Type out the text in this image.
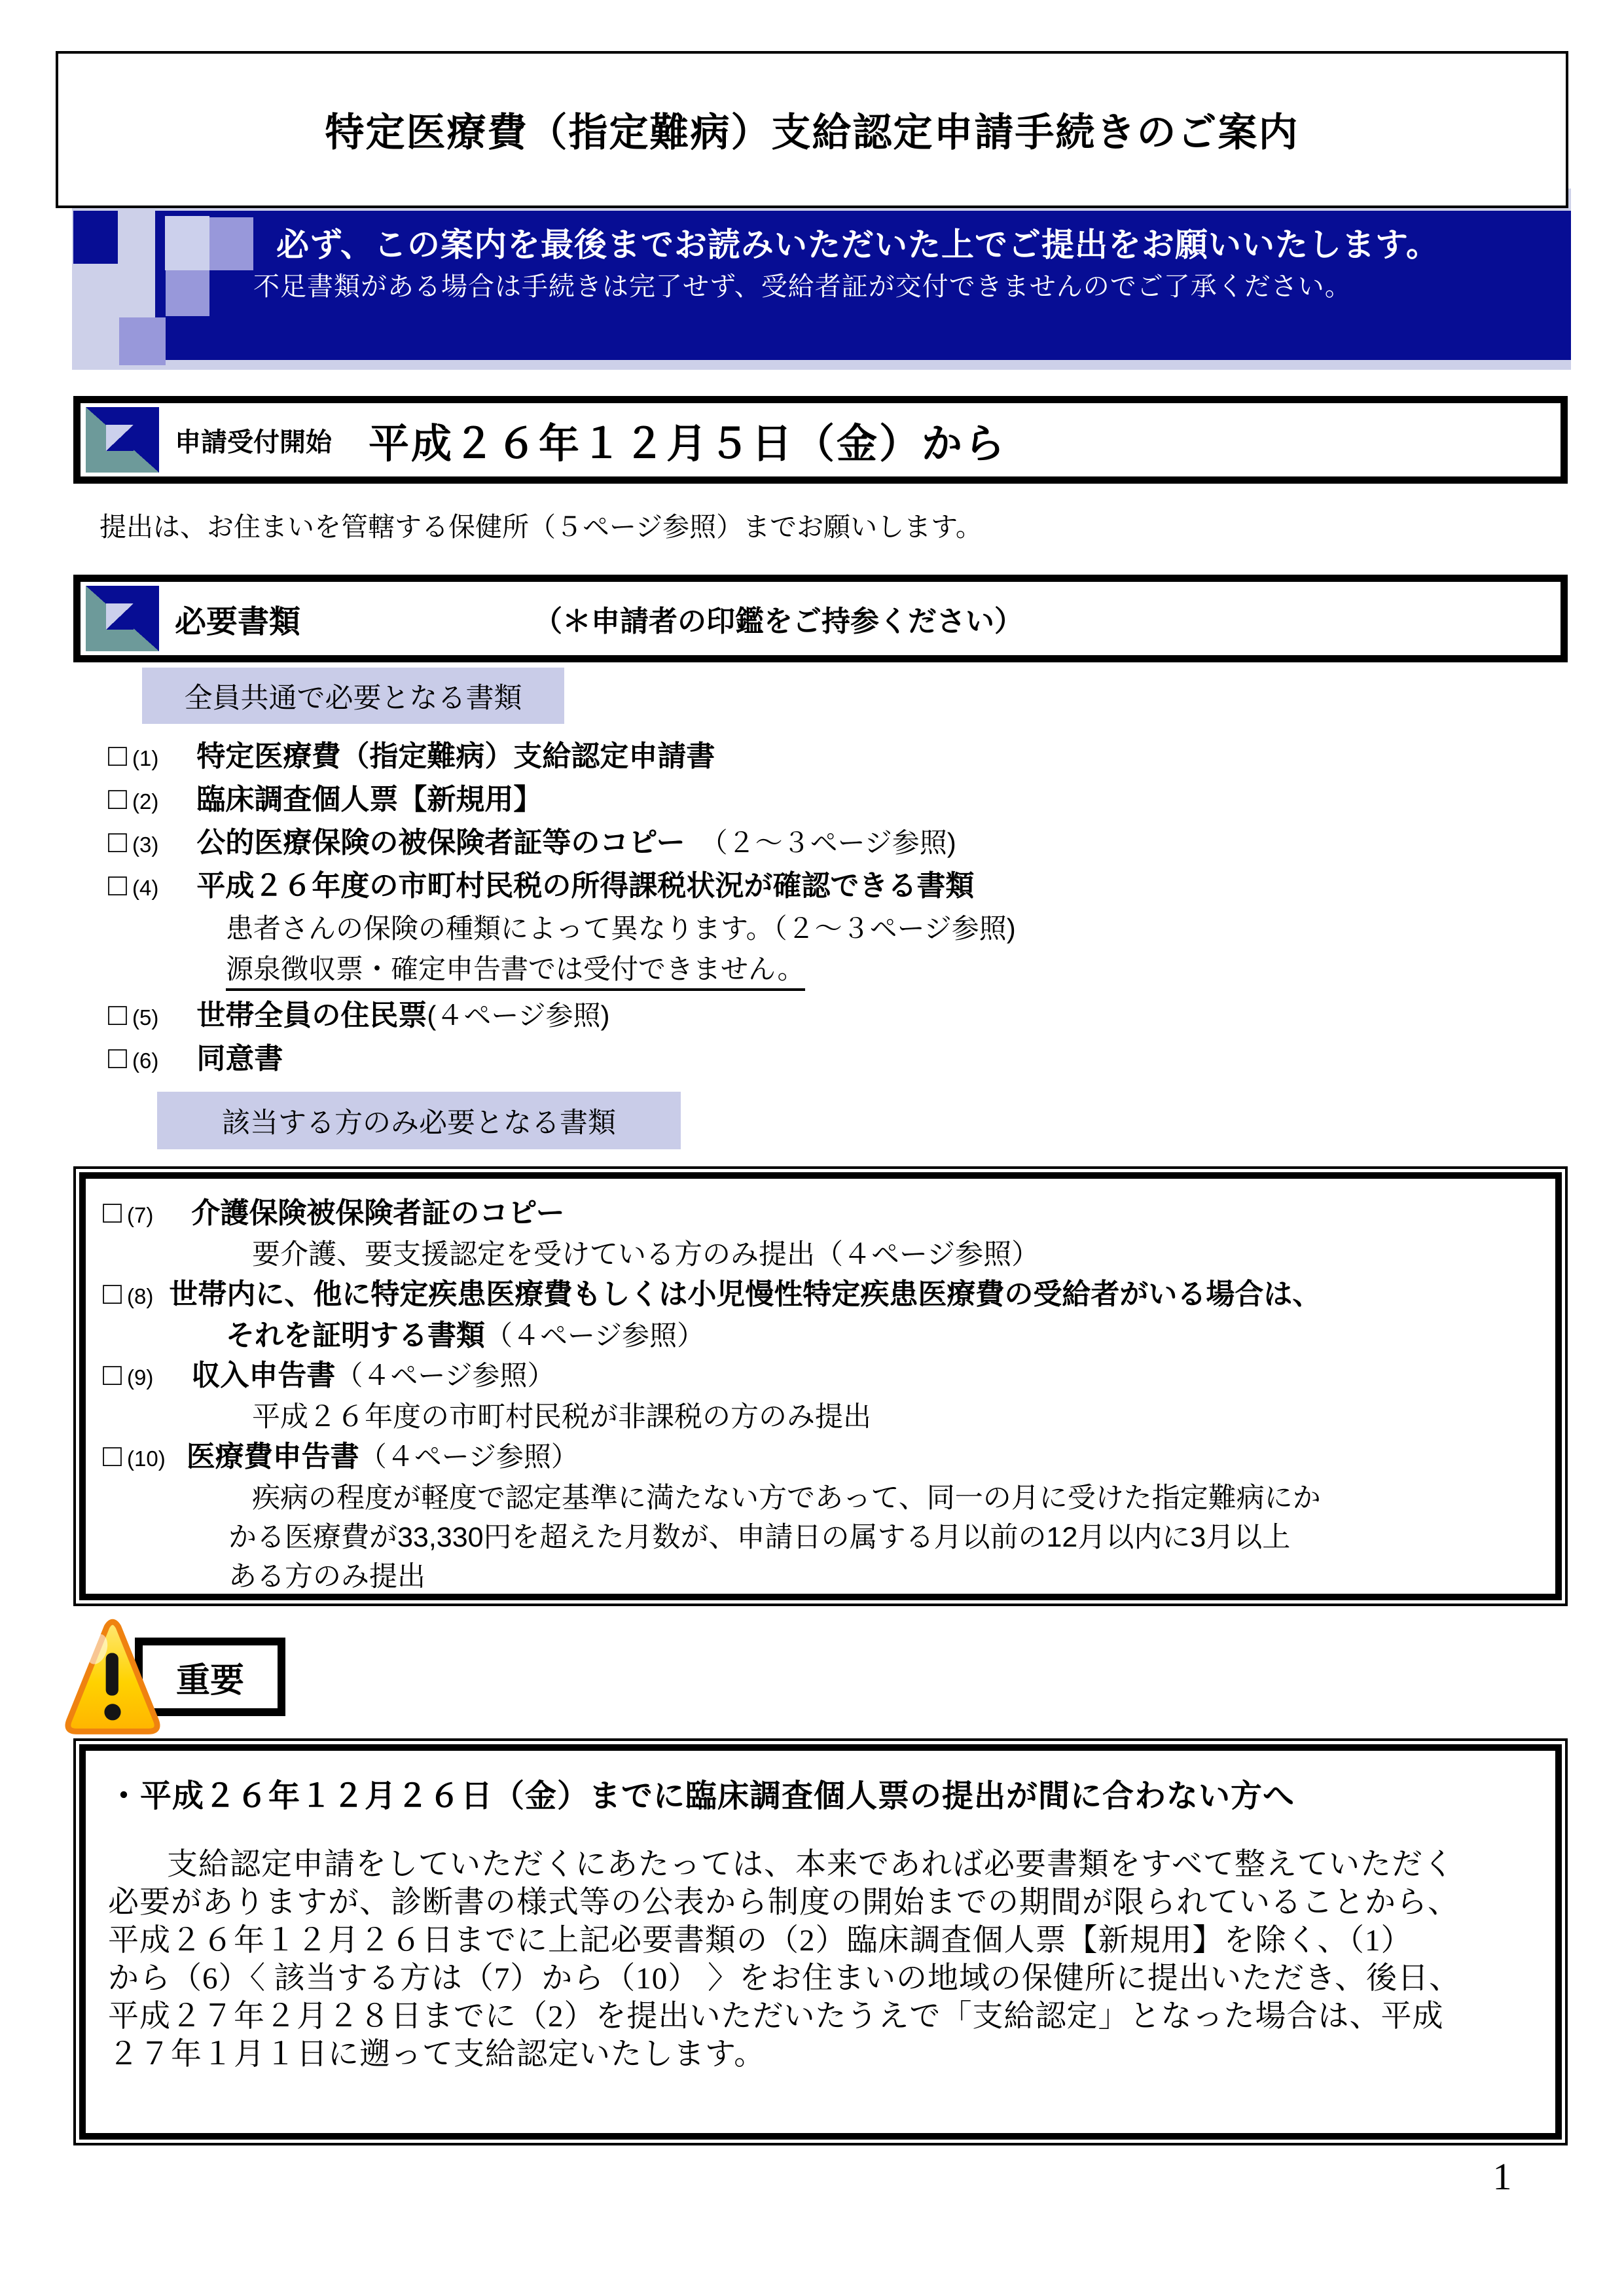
特定医療費（指定難病）支給認定申請手続きのご案内
必ず、この案内を最後までお読みいただいた上でご提出をお願いいたします。
不足書類がある場合は手続きは完了せず、受給者証が交付できませんのでご了承ください。
申請受付開始 平成２６年１２月５日（金）から
提出は、お住まいを管轄する保健所（５ページ参照）までお願いします。
必要書類	（＊申請者の印鑑をご持参ください）
全員共通で必要となる書類
□ (1) 特定医療費（指定難病）支給認定申請書
□ (2) 臨床調査個人票【新規用】
□ (3) 公的医療保険の被保険者証等のコピー　 （２～３ページ参照)
□ (4) 平成２６年度の市町村民税の所得課税状況が確認できる書類
患者さんの保険の種類によって異なります。（２～３ページ参照)
源泉徴収票・確定申告書では受付できません。
□ (5) 世帯全員の住民票(４ページ参照)
□ (6) 同意書
該当する方のみ必要となる書類
□ (7) 介護保険被保険者証のコピー
要介護、要支援認定を受けている方のみ提出（４ページ参照）
□ (8) 世帯内に、他に特定疾患医療費もしくは小児慢性特定疾患医療費の受給者がいる場合は、
それを証明する書類（４ページ参照）
□ (9) 収入申告書（４ページ参照）
平成２６年度の市町村民税が非課税の方のみ提出
□ (10) 医療費申告書（４ページ参照）
疾病の程度が軽度で認定基準に満たない方であって、同一の月に受けた指定難病にか
かる医療費が33,330円を超えた月数が、申請日の属する月以前の12月以内に3月以上
ある方のみ提出
重要
・平成２６年１２月２６日（金）までに臨床調査個人票の提出が間に合わない方へ
支給認定申請をしていただくにあたっては、本来であれば必要書類をすべて整えていただく
必要がありますが、診断書の様式等の公表から制度の開始までの期間が限られていることから、
平成２６年１２月２６日までに上記必要書類の（2）臨床調査個人票【新規用】を除く、（1）
から（6）〈 該当する方は（7）から（10） 〉をお住まいの地域の保健所に提出いただき、後日、
平成２７年２月２８日までに（2）を提出いただいたうえで「支給認定」となった場合は、平成
２７年１月１日に遡って支給認定いたします。
1
